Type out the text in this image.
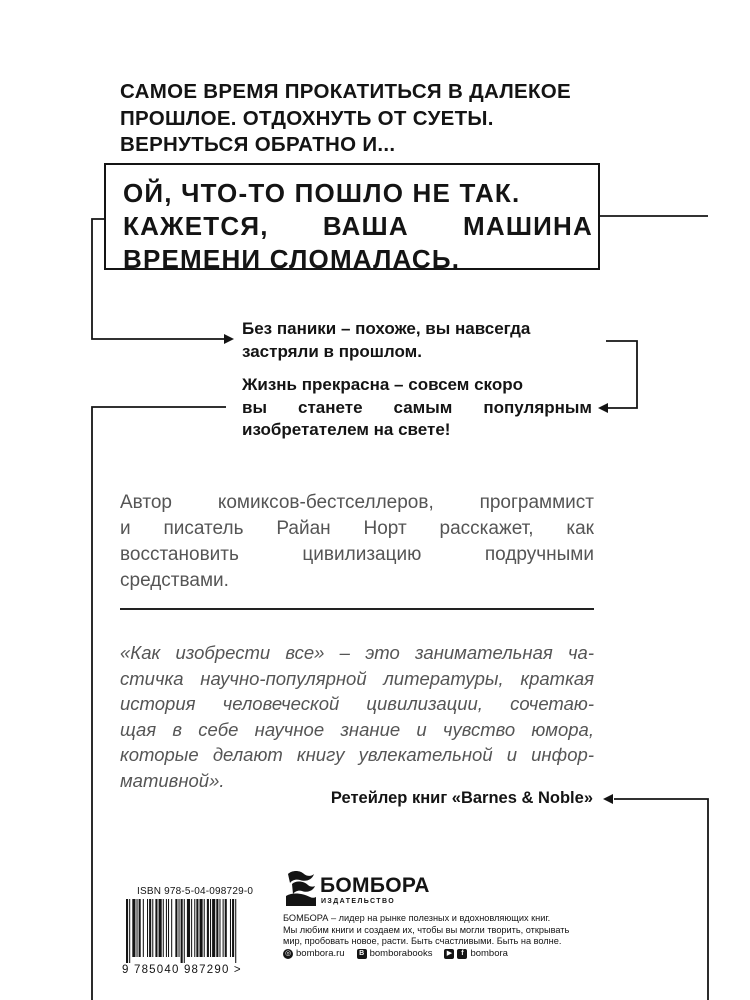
САМОЕ ВРЕМЯ ПРОКАТИТЬСЯ В ДАЛЕКОЕ
ПРОШЛОЕ. ОТДОХНУТЬ ОТ СУЕТЫ.
ВЕРНУТЬСЯ ОБРАТНО И...
ОЙ, ЧТО-ТО ПОШЛО НЕ ТАК.
КАЖЕТСЯ, ВАША МАШИНА
ВРЕМЕНИ СЛОМАЛАСЬ.
Без паники – похоже, вы навсегда
застряли в прошлом.
Жизнь прекрасна – совсем скоро
вы станете самым популярным
изобретателем на свете!
Автор комиксов-бестселлеров, программист
и писатель Райан Норт расскажет, как
восстановить цивилизацию подручными
средствами.
«Как изобрести все» – это занимательная ча-
стичка научно-популярной литературы, краткая
история человеческой цивилизации, сочетаю-
щая в себе научное знание и чувство юмора,
которые делают книгу увлекательной и инфор-
мативной».
Ретейлер книг «Barnes & Noble»
ISBN 978-5-04-098729-0
9 785040 987290 >
БОМБОРА
ИЗДАТЕЛЬСТВО
БОМБОРА – лидер на рынке полезных и вдохновляющих книг.
Мы любим книги и создаем их, чтобы вы могли творить, открывать
мир, пробовать новое, расти. Быть счастливыми. Быть на волне.
◎ bombora.ru	В bomborabooks	▶	f bombora
